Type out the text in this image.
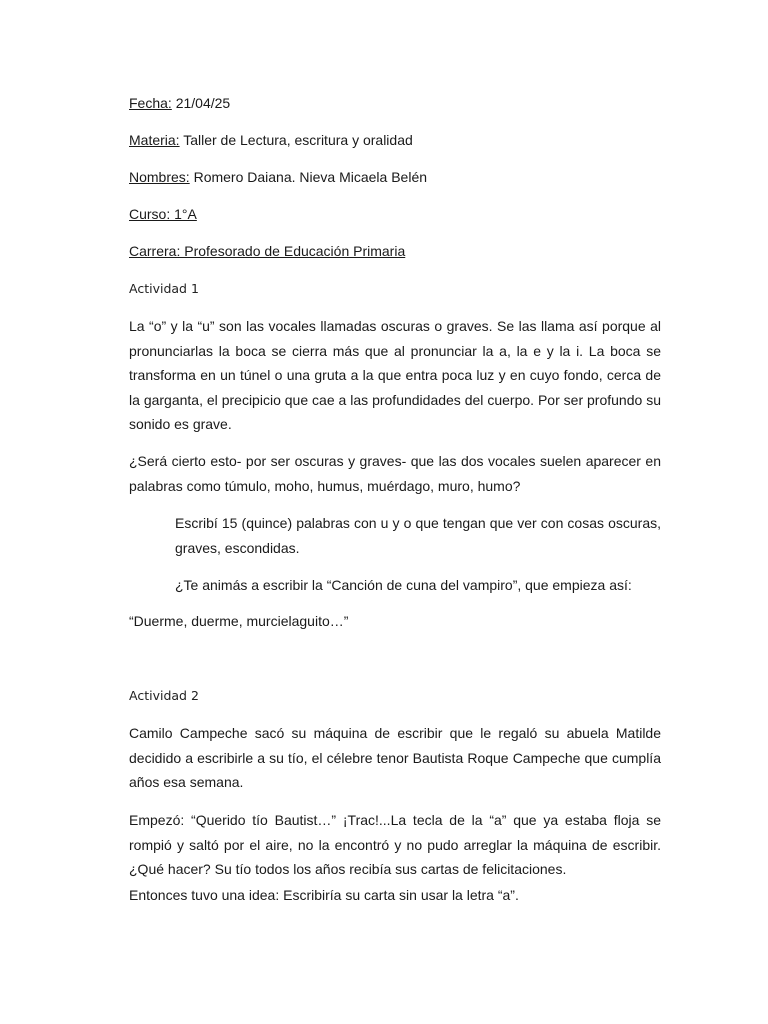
Fecha: 21/04/25
Materia: Taller de Lectura, escritura y oralidad
Nombres: Romero Daiana. Nieva Micaela Belén
Curso: 1°A
Carrera: Profesorado de Educación Primaria
Actividad 1
La “o” y la “u” son las vocales llamadas oscuras o graves. Se las llama así porque al pronunciarlas la boca se cierra más que al pronunciar la a, la e y la i. La boca se transforma en un túnel o una gruta a la que entra poca luz y en cuyo fondo, cerca de la garganta, el precipicio que cae a las profundidades del cuerpo. Por ser profundo su sonido es grave.
¿Será cierto esto- por ser oscuras y graves- que las dos vocales suelen aparecer en palabras como túmulo, moho, humus, muérdago, muro, humo?
Escribí 15 (quince) palabras con u y o que tengan que ver con cosas oscuras, graves, escondidas.
¿Te animás a escribir la “Canción de cuna del vampiro”, que empieza así:
“Duerme, duerme, murcielaguito…”
Actividad 2
Camilo Campeche sacó su máquina de escribir que le regaló su abuela Matilde decidido a escribirle a su tío, el célebre tenor Bautista Roque Campeche que cumplía años esa semana.
Empezó: “Querido tío Bautist…” ¡Trac!...La tecla de la “a” que ya estaba floja se rompió y saltó por el aire, no la encontró y no pudo arreglar la máquina de escribir. ¿Qué hacer? Su tío todos los años recibía sus cartas de felicitaciones.
Entonces tuvo una idea: Escribiría su carta sin usar la letra “a”.
